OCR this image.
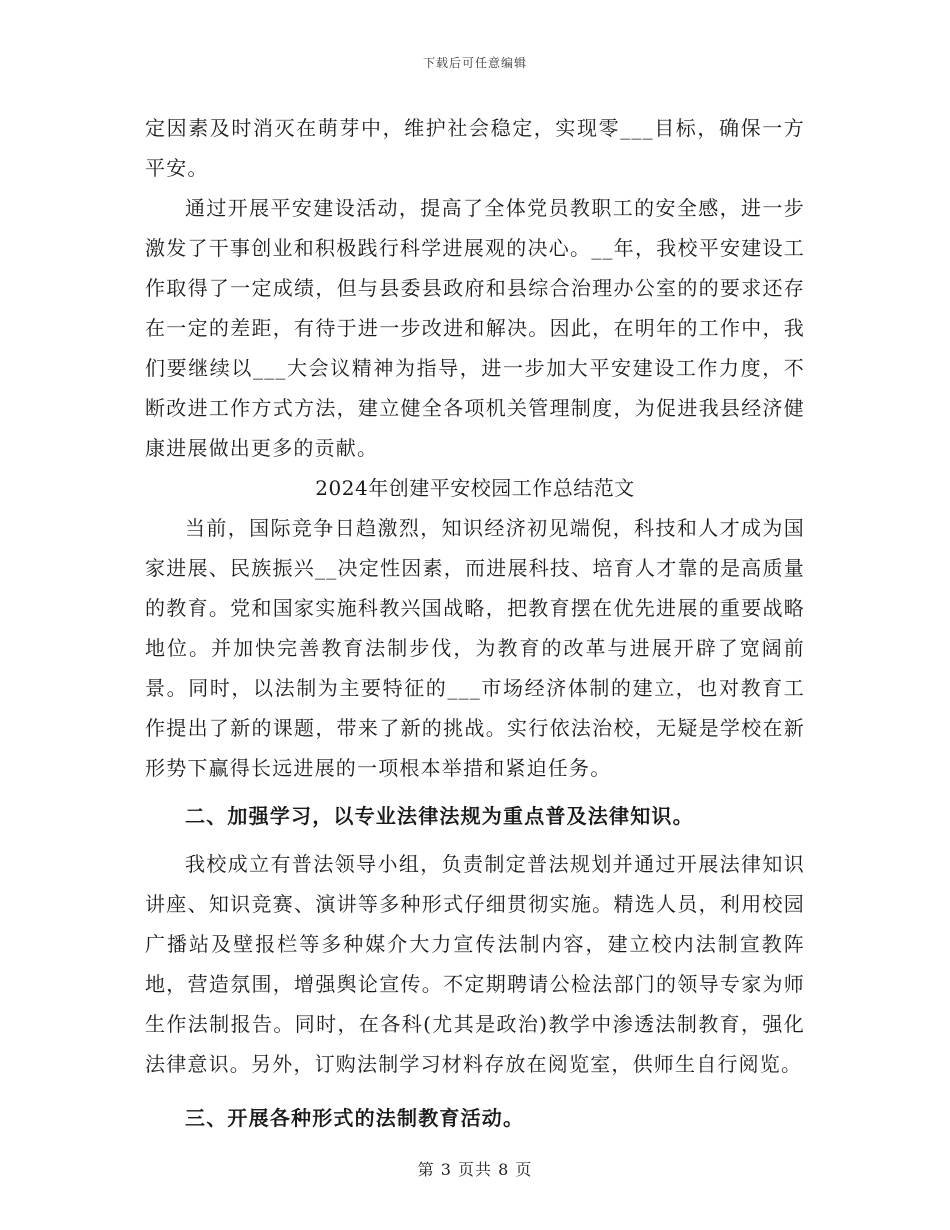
下载后可任意编辑

定因素及时消灭在萌芽中，维护社会稳定，实现零___目标，确保一方平安。

通过开展平安建设活动，提高了全体党员教职工的安全感，进一步激发了干事创业和积极践行科学进展观的决心。__年，我校平安建设工作取得了一定成绩，但与县委县政府和县综合治理办公室的的要求还存在一定的差距，有待于进一步改进和解决。因此，在明年的工作中，我们要继续以___大会议精神为指导，进一步加大平安建设工作力度，不断改进工作方式方法，建立健全各项机关管理制度，为促进我县经济健康进展做出更多的贡献。

2024年创建平安校园工作总结范文

当前，国际竞争日趋激烈，知识经济初见端倪，科技和人才成为国家进展、民族振兴__决定性因素，而进展科技、培育人才靠的是高质量的教育。党和国家实施科教兴国战略，把教育摆在优先进展的重要战略地位。并加快完善教育法制步伐，为教育的改革与进展开辟了宽阔前景。同时，以法制为主要特征的___市场经济体制的建立，也对教育工作提出了新的课题，带来了新的挑战。实行依法治校，无疑是学校在新形势下赢得长远进展的一项根本举措和紧迫任务。

二、加强学习，以专业法律法规为重点普及法律知识。

我校成立有普法领导小组，负责制定普法规划并通过开展法律知识讲座、知识竞赛、演讲等多种形式仔细贯彻实施。精选人员，利用校园广播站及壁报栏等多种媒介大力宣传法制内容，建立校内法制宣教阵地，营造氛围，增强舆论宣传。不定期聘请公检法部门的领导专家为师生作法制报告。同时，在各科(尤其是政治)教学中渗透法制教育，强化法律意识。另外，订购法制学习材料存放在阅览室，供师生自行阅览。

三、开展各种形式的法制教育活动。

第 3 页共 8 页
